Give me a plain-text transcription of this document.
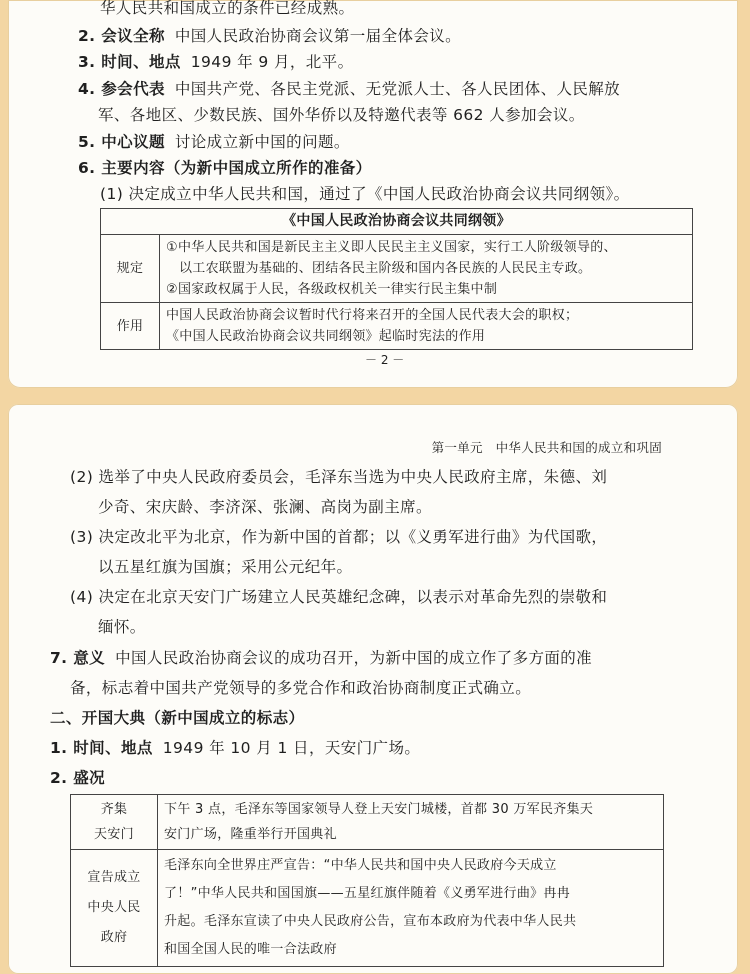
华人民共和国成立的条件已经成熟。
2. 会议全称 中国人民政治协商会议第一届全体会议。
3. 时间、地点 1949 年 9 月，北平。
4. 参会代表 中国共产党、各民主党派、无党派人士、各人民团体、人民解放
军、各地区、少数民族、国外华侨以及特邀代表等 662 人参加会议。
5. 中心议题 讨论成立新中国的问题。
6. 主要内容（为新中国成立所作的准备）
(1) 决定成立中华人民共和国，通过了《中国人民政治协商会议共同纲领》。
《中国人民政治协商会议共同纲领》	
规定	①中华人民共和国是新民主主义即人民民主主义国家，实行工人阶级领导的、
以工农联盟为基础的、团结各民主阶级和国内各民族的人民民主专政。
②国家政权属于人民，各级政权机关一律实行民主集中制

作用	中国人民政治协商会议暂时代行将来召开的全国人民代表大会的职权；
《中国人民政治协商会议共同纲领》起临时宪法的作用
－ 2 －
第一单元　中华人民共和国的成立和巩固
(2) 选举了中央人民政府委员会，毛泽东当选为中央人民政府主席，朱德、刘
少奇、宋庆龄、李济深、张澜、高岗为副主席。
(3) 决定改北平为北京，作为新中国的首都；以《义勇军进行曲》为代国歌，
以五星红旗为国旗；采用公元纪年。
(4) 决定在北京天安门广场建立人民英雄纪念碑，以表示对革命先烈的崇敬和
缅怀。
7. 意义 中国人民政治协商会议的成功召开，为新中国的成立作了多方面的准
备，标志着中国共产党领导的多党合作和政治协商制度正式确立。
二、开国大典（新中国成立的标志）
1. 时间、地点 1949 年 10 月 1 日，天安门广场。
2. 盛况
齐集
天安门	下午 3 点，毛泽东等国家领导人登上天安门城楼，首都 30 万军民齐集天
安门广场，隆重举行开国典礼

宣告成立
中央人民
政府	毛泽东向全世界庄严宣告：“中华人民共和国中央人民政府今天成立
了！”中华人民共和国国旗——五星红旗伴随着《义勇军进行曲》冉冉
升起。毛泽东宣读了中央人民政府公告，宣布本政府为代表中华人民共
和国全国人民的唯一合法政府
